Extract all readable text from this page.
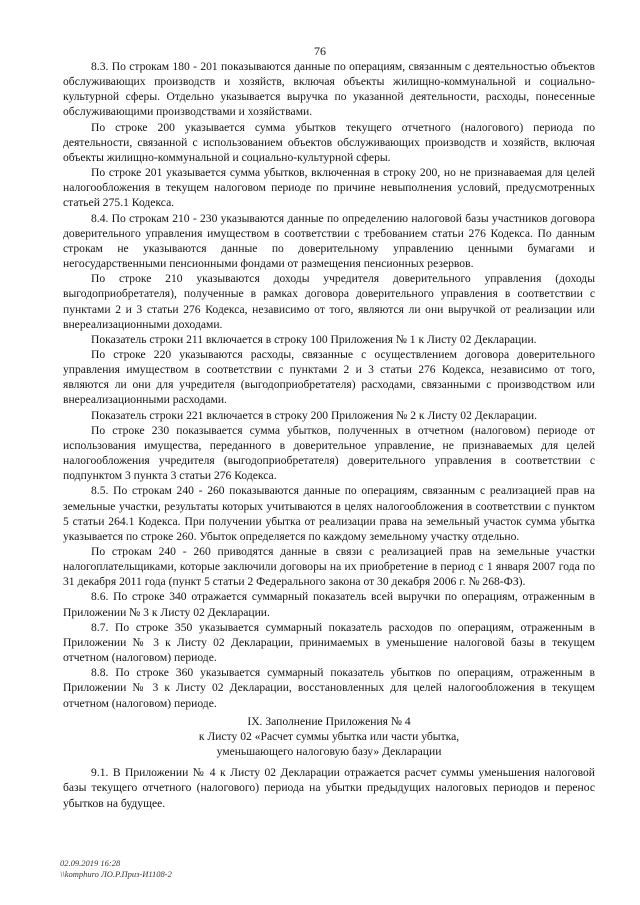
76

8.3. По строкам 180 - 201 показываются данные по операциям, связанным с деятельностью объектов обслуживающих производств и хозяйств, включая объекты жилищно-коммунальной и социально-культурной сферы. Отдельно указывается выручка по указанной деятельности, расходы, понесенные обслуживающими производствами и хозяйствами.

По строке 200 указывается сумма убытков текущего отчетного (налогового) периода по деятельности, связанной с использованием объектов обслуживающих производств и хозяйств, включая объекты жилищно-коммунальной и социально-культурной сферы.

По строке 201 указывается сумма убытков, включенная в строку 200, но не признаваемая для целей налогообложения в текущем налоговом периоде по причине невыполнения условий, предусмотренных статьей 275.1 Кодекса.

8.4. По строкам 210 - 230 указываются данные по определению налоговой базы участников договора доверительного управления имуществом в соответствии с требованием статьи 276 Кодекса. По данным строкам не указываются данные по доверительному управлению ценными бумагами и негосударственными пенсионными фондами от размещения пенсионных резервов.

По строке 210 указываются доходы учредителя доверительного управления (доходы выгодоприобретателя), полученные в рамках договора доверительного управления в соответствии с пунктами 2 и 3 статьи 276 Кодекса, независимо от того, являются ли они выручкой от реализации или внереализационными доходами.

Показатель строки 211 включается в строку 100 Приложения № 1 к Листу 02 Декларации.

По строке 220 указываются расходы, связанные с осуществлением договора доверительного управления имуществом в соответствии с пунктами 2 и 3 статьи 276 Кодекса, независимо от того, являются ли они для учредителя (выгодоприобретателя) расходами, связанными с производством или внереализационными расходами.

Показатель строки 221 включается в строку 200 Приложения № 2 к Листу 02 Декларации.

По строке 230 показывается сумма убытков, полученных в отчетном (налоговом) периоде от использования имущества, переданного в доверительное управление, не признаваемых для целей налогообложения учредителя (выгодоприобретателя) доверительного управления в соответствии с подпунктом 3 пункта 3 статьи 276 Кодекса.

8.5. По строкам 240 - 260 показываются данные по операциям, связанным с реализацией прав на земельные участки, результаты которых учитываются в целях налогообложения в соответствии с пунктом 5 статьи 264.1 Кодекса. При получении убытка от реализации права на земельный участок сумма убытка указывается по строке 260. Убыток определяется по каждому земельному участку отдельно.

По строкам 240 - 260 приводятся данные в связи с реализацией прав на земельные участки налогоплательщиками, которые заключили договоры на их приобретение в период с 1 января 2007 года по 31 декабря 2011 года (пункт 5 статьи 2 Федерального закона от 30 декабря 2006 г. № 268-ФЗ).

8.6. По строке 340 отражается суммарный показатель всей выручки по операциям, отраженным в Приложении № 3 к Листу 02 Декларации.

8.7. По строке 350 указывается суммарный показатель расходов по операциям, отраженным в Приложении № 3 к Листу 02 Декларации, принимаемых в уменьшение налоговой базы в текущем отчетном (налоговом) периоде.

8.8. По строке 360 указывается суммарный показатель убытков по операциям, отраженным в Приложении № 3 к Листу 02 Декларации, восстановленных для целей налогообложения в текущем отчетном (налоговом) периоде.

IX. Заполнение Приложения № 4

к Листу 02 «Расчет суммы убытка или части убытка,

уменьшающего налоговую базу» Декларации

9.1. В Приложении № 4 к Листу 02 Декларации отражается расчет суммы уменьшения налоговой базы текущего отчетного (налогового) периода на убытки предыдущих налоговых периодов и перенос убытков на будущее.

02.09.2019 16:28
\\komphuro ЛО.Р.Приз-И1108-2
